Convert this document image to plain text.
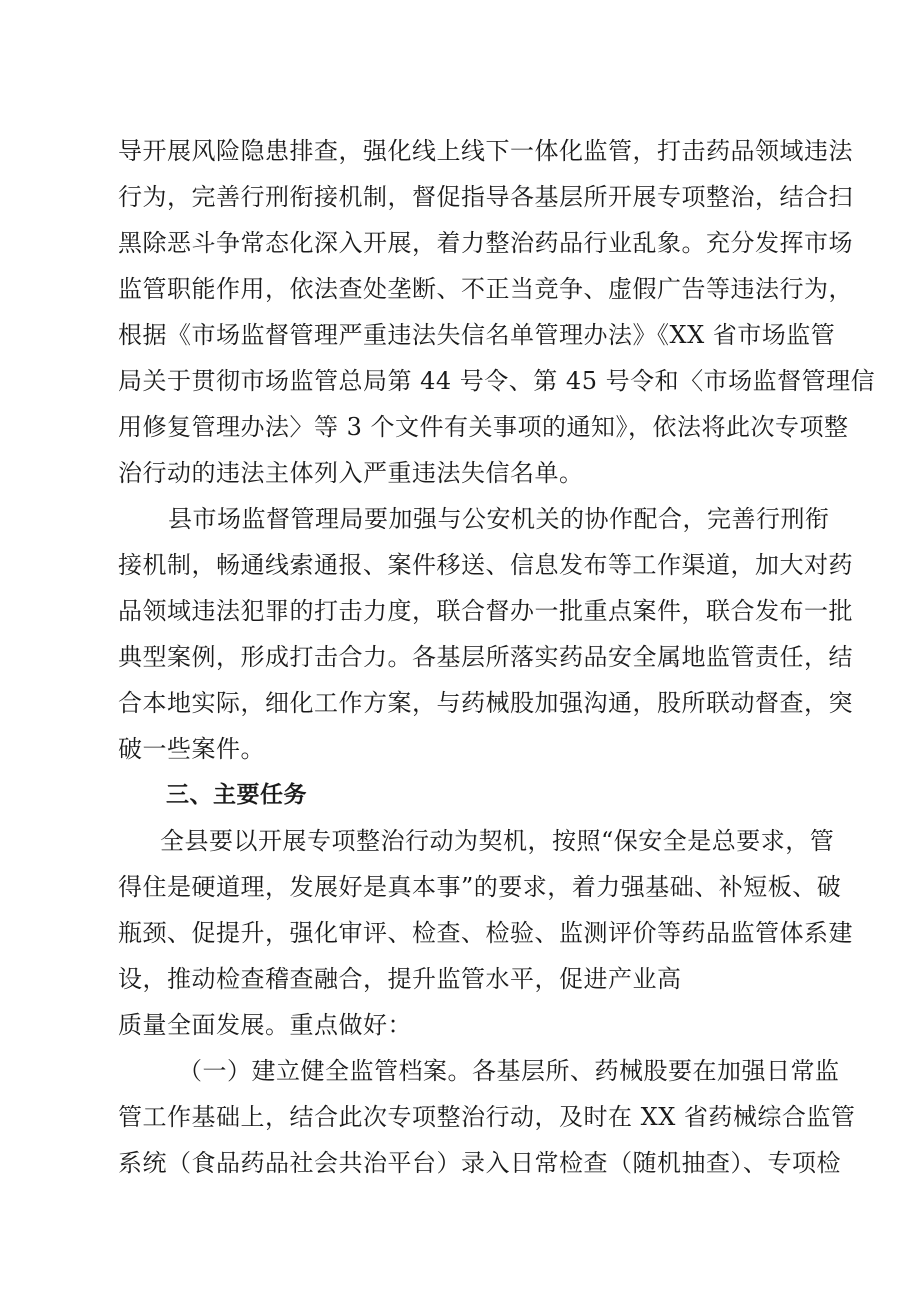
导开展风险隐患排查，强化线上线下一体化监管，打击药品领域违法
行为，完善行刑衔接机制，督促指导各基层所开展专项整治，结合扫
黑除恶斗争常态化深入开展，着力整治药品行业乱象。充分发挥市场
监管职能作用，依法查处垄断、不正当竞争、虚假广告等违法行为，
根据《市场监督管理严重违法失信名单管理办法》《XX 省市场监管
局关于贯彻市场监管总局第 44 号令、第 45 号令和〈市场监督管理信
用修复管理办法〉等 3 个文件有关事项的通知》，依法将此次专项整
治行动的违法主体列入严重违法失信名单。
县市场监督管理局要加强与公安机关的协作配合，完善行刑衔
接机制，畅通线索通报、案件移送、信息发布等工作渠道，加大对药
品领域违法犯罪的打击力度，联合督办一批重点案件，联合发布一批
典型案例，形成打击合力。各基层所落实药品安全属地监管责任，结
合本地实际，细化工作方案，与药械股加强沟通，股所联动督查，突
破一些案件。
三、主要任务
全县要以开展专项整治行动为契机，按照“保安全是总要求，管
得住是硬道理，发展好是真本事”的要求，着力强基础、补短板、破
瓶颈、促提升，强化审评、检查、检验、监测评价等药品监管体系建
设，推动检查稽查融合，提升监管水平，促进产业高
质量全面发展。重点做好：
（一）建立健全监管档案。各基层所、药械股要在加强日常监
管工作基础上，结合此次专项整治行动，及时在 XX 省药械综合监管
系统（食品药品社会共治平台）录入日常检查（随机抽查）、专项检
